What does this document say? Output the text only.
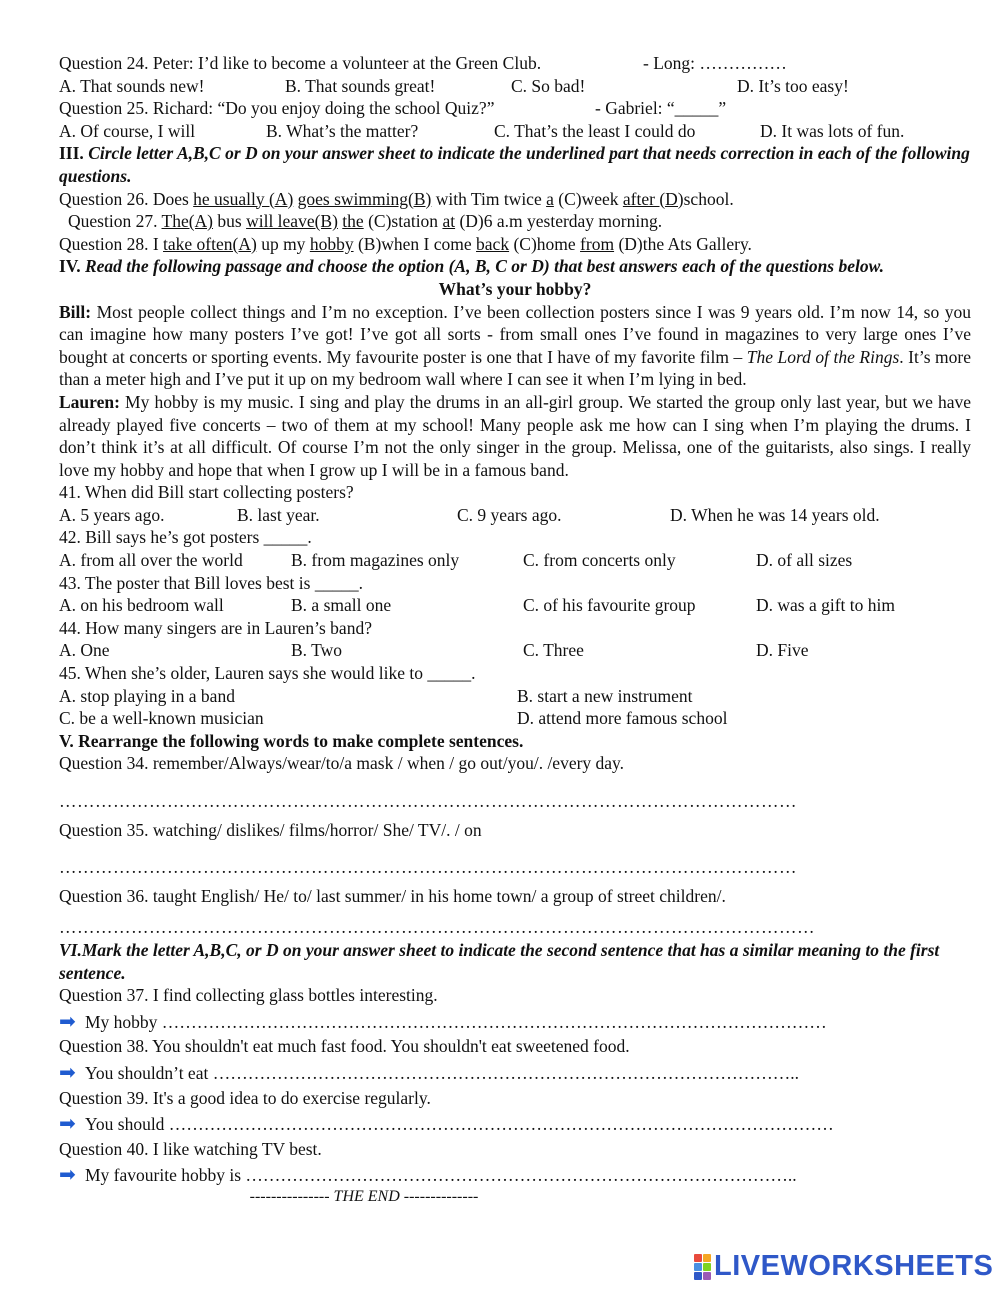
Question 24. Peter: I’d like to become a volunteer at the Green Club.	- Long: ……………
A. That sounds new!	B. That sounds great!	C. So bad!	D. It’s too easy!
Question 25. Richard: “Do you enjoy doing the school Quiz?”	- Gabriel: “_____”
A. Of course, I will	B. What’s the matter?	C. That’s the least I could do	D. It was lots of fun.
III. Circle letter A,B,C or D on your answer sheet to indicate the underlined part that needs correction in each of the following questions.
Question 26. Does he usually (A) goes swimming(B) with Tim twice a (C)week after (D)school.
Question 27. The(A) bus will leave(B) the (C)station at (D)6 a.m yesterday morning.
Question 28. I take often(A) up my hobby (B)when I come back (C)home from (D)the Ats Gallery.
IV. Read the following passage and choose the option (A, B, C or D) that best answers each of the questions below.
What’s your hobby?
Bill: Most people collect things and I’m no exception. I’ve been collection posters since I was 9 years old. I’m now 14, so you can imagine how many posters I’ve got! I’ve got all sorts - from small ones I’ve found in magazines to very large ones I’ve bought at concerts or sporting events. My favourite poster is one that I have of my favorite film – The Lord of the Rings. It’s more than a meter high and I’ve put it up on my bedroom wall where I can see it when I’m lying in bed.
Lauren: My hobby is my music. I sing and play the drums in an all-girl group. We started the group only last year, but we have already played five concerts – two of them at my school! Many people ask me how can I sing when I’m playing the drums. I don’t think it’s at all difficult. Of course I’m not the only singer in the group. Melissa, one of the guitarists, also sings. I really love my hobby and hope that when I grow up I will be in a famous band.
41. When did Bill start collecting posters?
A. 5 years ago.	B. last year.	C. 9 years ago.	D. When he was 14 years old.
42. Bill says he’s got posters _____.
A. from all over the world	B. from magazines only	C. from concerts only	D. of all sizes
43. The poster that Bill loves best is _____.
A. on his bedroom wall	B. a small one	C. of his favourite group	D. was a gift to him
44. How many singers are in Lauren’s band?
A. One	B. Two	C. Three	D. Five
45. When she’s older, Lauren says she would like to _____.
A. stop playing in a band	B. start a new instrument
C. be a well-known musician	D. attend more famous school
V. Rearrange the following words to make complete sentences.
Question 34. remember/Always/wear/to/a mask / when / go out/you/. /every day.
……………………………………………………………………………………………………………
Question 35. watching/ dislikes/ films/horror/ She/ TV/. / on
……………………………………………………………………………………………………………
Question 36. taught English/ He/ to/ last summer/ in his home town/ a group of street children/.
………………………………………………………………………………………………………………
VI.Mark the letter A,B,C, or D on your answer sheet to indicate the second sentence that has a similar meaning to the first sentence.
Question 37. I find collecting glass bottles interesting.
➡ My hobby ……………………………………………………………………………………………………
Question 38. You shouldn't eat much fast food. You shouldn't eat sweetened food.
➡ You shouldn’t eat ………………………………………………………………………………………..
Question 39. It's a good idea to do exercise regularly.
➡ You should ……………………………………………………………………………………………………
Question 40. I like watching TV best.
➡ My favourite hobby is …………………………………………………………………………………..
--------------- THE END --------------
LIVEWORKSHEETS
